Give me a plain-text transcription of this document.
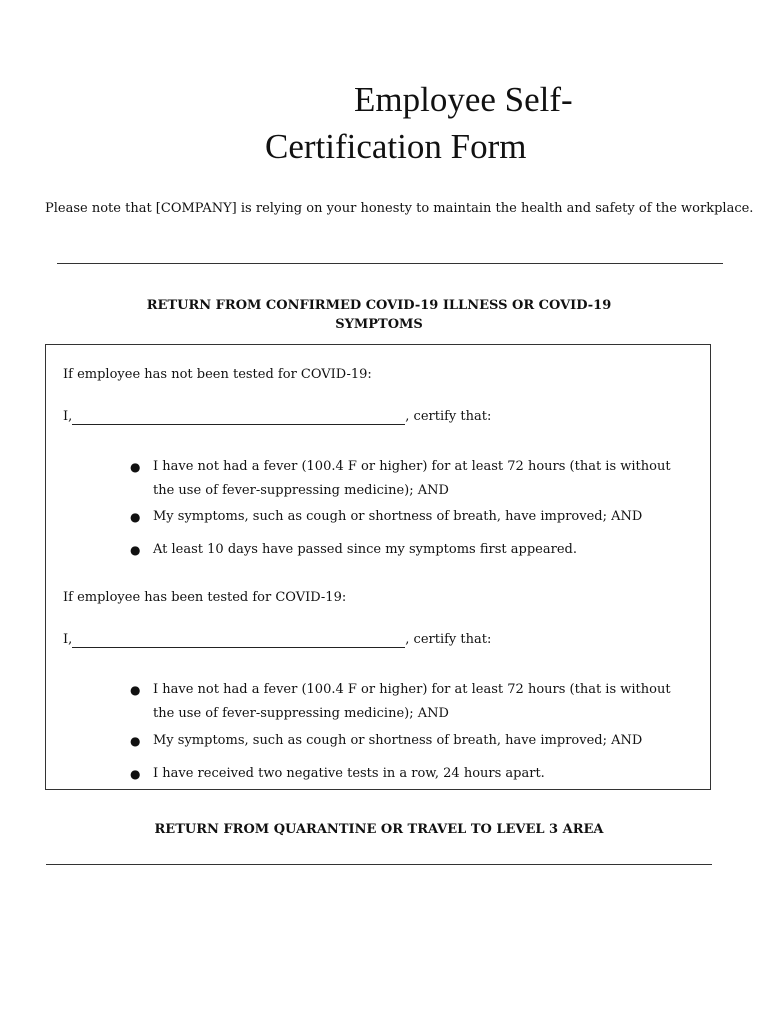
Employee Self-
Certification Form
Please note that [COMPANY] is relying on your honesty to maintain the health and safety of the workplace.
RETURN FROM CONFIRMED COVID-19 ILLNESS OR COVID-19
SYMPTOMS
If employee has not been tested for COVID-19:
I,	, certify that:
● I have not had a fever (100.4 F or higher) for at least 72 hours (that is without the use of fever-suppressing medicine); AND
● My symptoms, such as cough or shortness of breath, have improved; AND
● At least 10 days have passed since my symptoms first appeared.
If employee has been tested for COVID-19:
I,	, certify that:
● I have not had a fever (100.4 F or higher) for at least 72 hours (that is without the use of fever-suppressing medicine); AND
● My symptoms, such as cough or shortness of breath, have improved; AND
● I have received two negative tests in a row, 24 hours apart.
RETURN FROM QUARANTINE OR TRAVEL TO LEVEL 3 AREA
